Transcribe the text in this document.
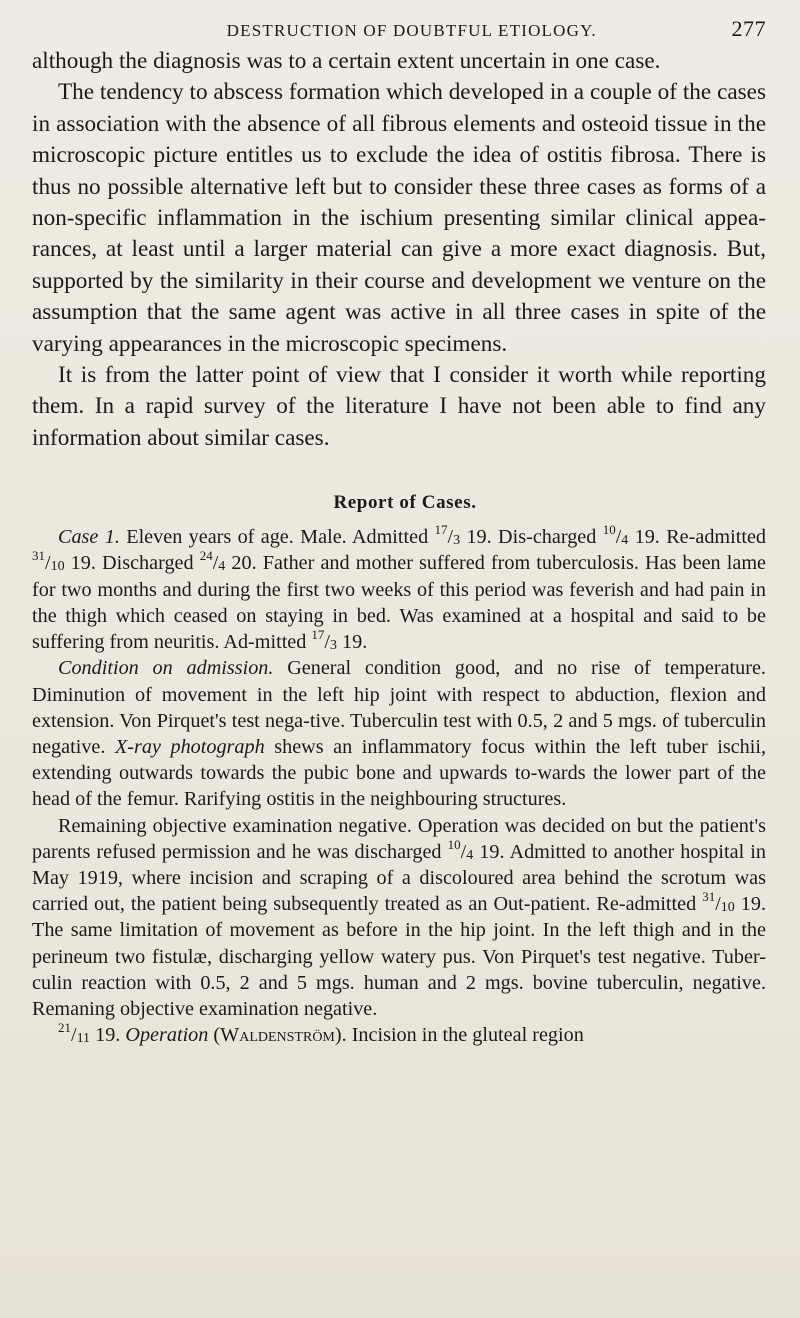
DESTRUCTION OF DOUBTFUL ETIOLOGY.	277

although the diagnosis was to a certain extent uncertain in one case.

The tendency to abscess formation which developed in a couple of the cases in association with the absence of all fibrous elements and osteoid tissue in the microscopic picture entitles us to exclude the idea of ostitis fibrosa. There is thus no possible alternative left but to consider these three cases as forms of a non-specific inflammation in the ischium presenting similar clinical appea-rances, at least until a larger material can give a more exact diagnosis. But, supported by the similarity in their course and development we venture on the assumption that the same agent was active in all three cases in spite of the varying appearances in the microscopic specimens.

It is from the latter point of view that I consider it worth while reporting them. In a rapid survey of the literature I have not been able to find any information about similar cases.

Report of Cases.

Case 1. Eleven years of age. Male. Admitted $^{17}/_3$ 19. Dis-charged $^{10}/_4$ 19. Re-admitted $^{31}/_{10}$ 19. Discharged $^{24}/_4$ 20. Father and mother suffered from tuberculosis. Has been lame for two months and during the first two weeks of this period was feverish and had pain in the thigh which ceased on staying in bed. Was examined at a hospital and said to be suffering from neuritis. Ad-mitted $^{17}/_3$ 19.

Condition on admission. General condition good, and no rise of temperature. Diminution of movement in the left hip joint with respect to abduction, flexion and extension. Von Pirquet's test nega-tive. Tuberculin test with 0.5, 2 and 5 mgs. of tuberculin negative. X-ray photograph shews an inflammatory focus within the left tuber ischii, extending outwards towards the pubic bone and upwards to-wards the lower part of the head of the femur. Rarifying ostitis in the neighbouring structures.

Remaining objective examination negative. Operation was decided on but the patient's parents refused permission and he was discharged $^{10}/_4$ 19. Admitted to another hospital in May 1919, where incision and scraping of a discoloured area behind the scrotum was carried out, the patient being subsequently treated as an Out-patient. Re-admitted $^{31}/_{10}$ 19. The same limitation of movement as before in the hip joint. In the left thigh and in the perineum two fistulæ, discharging yellow watery pus. Von Pirquet's test negative. Tuber-culin reaction with 0.5, 2 and 5 mgs. human and 2 mgs. bovine tuberculin, negative. Remaning objective examination negative.

$^{21}/_{11}$ 19. Operation (Waldenström). Incision in the gluteal region
